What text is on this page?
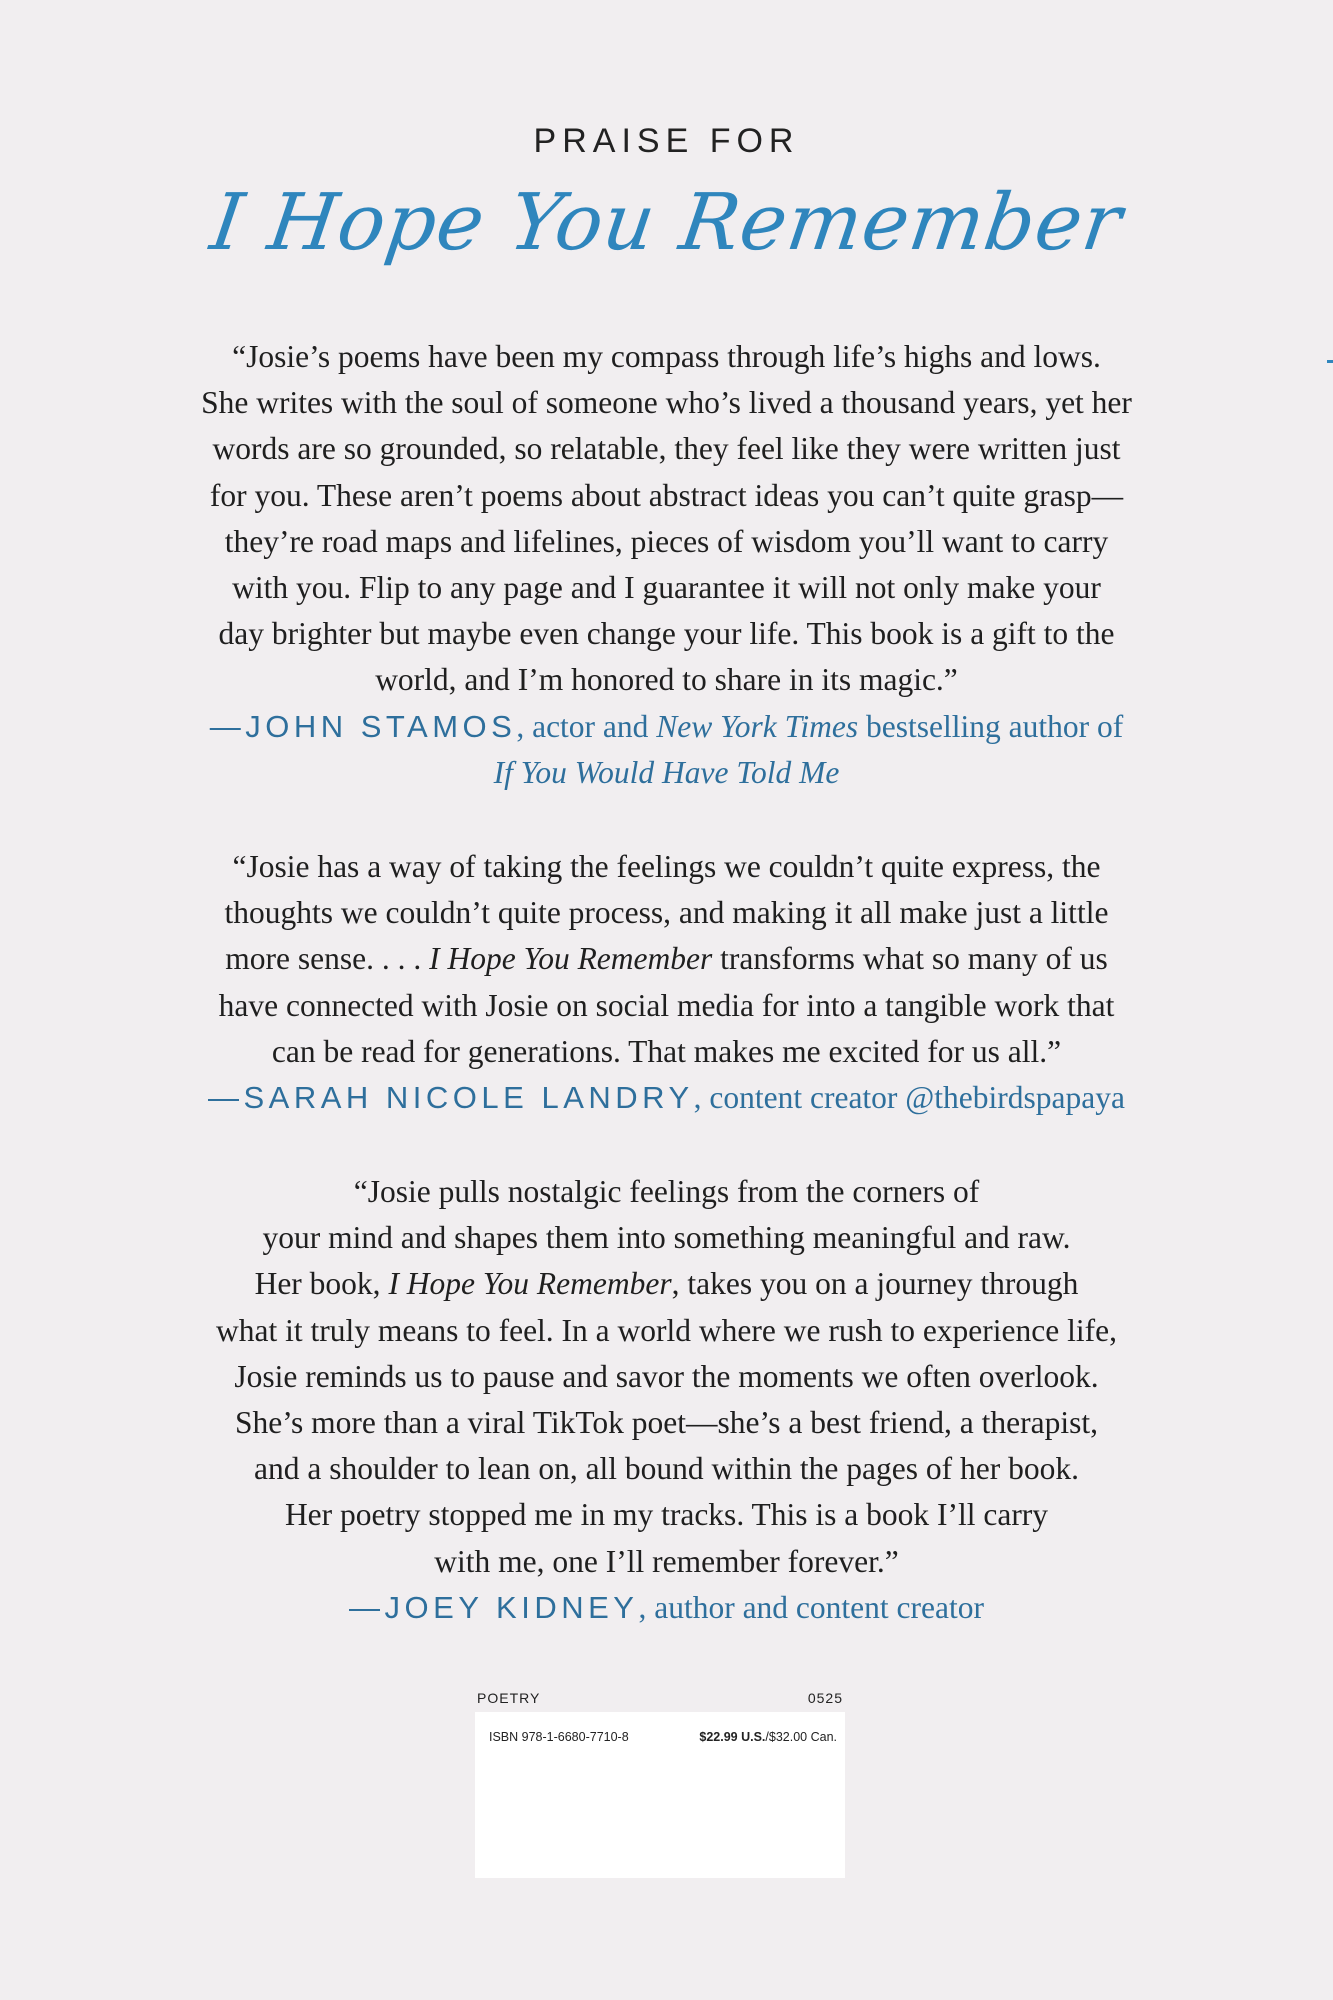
PRAISE FOR
I Hope You Remember

“Josie’s poems have been my compass through life’s highs and lows.
She writes with the soul of someone who’s lived a thousand years, yet her
words are so grounded, so relatable, they feel like they were written just
for you. These aren’t poems about abstract ideas you can’t quite grasp—
they’re road maps and lifelines, pieces of wisdom you’ll want to carry
with you. Flip to any page and I guarantee it will not only make your
day brighter but maybe even change your life. This book is a gift to the
world, and I’m honored to share in its magic.”

—JOHN STAMOS, actor and New York Times bestselling author of
If You Would Have Told Me

“Josie has a way of taking the feelings we couldn’t quite express, the
thoughts we couldn’t quite process, and making it all make just a little
more sense. . . . I Hope You Remember transforms what so many of us
have connected with Josie on social media for into a tangible work that
can be read for generations. That makes me excited for us all.”

—SARAH NICOLE LANDRY, content creator @thebirdspapaya

“Josie pulls nostalgic feelings from the corners of
your mind and shapes them into something meaningful and raw.
Her book, I Hope You Remember, takes you on a journey through
what it truly means to feel. In a world where we rush to experience life,
Josie reminds us to pause and savor the moments we often overlook.
She’s more than a viral TikTok poet—she’s a best friend, a therapist,
and a shoulder to lean on, all bound within the pages of her book.
Her poetry stopped me in my tracks. This is a book I’ll carry
with me, one I’ll remember forever.”

—JOEY KIDNEY, author and content creator

POETRY	0525
ISBN 978-1-6680-7710-8	$22.99 U.S./$32.00 Can.
